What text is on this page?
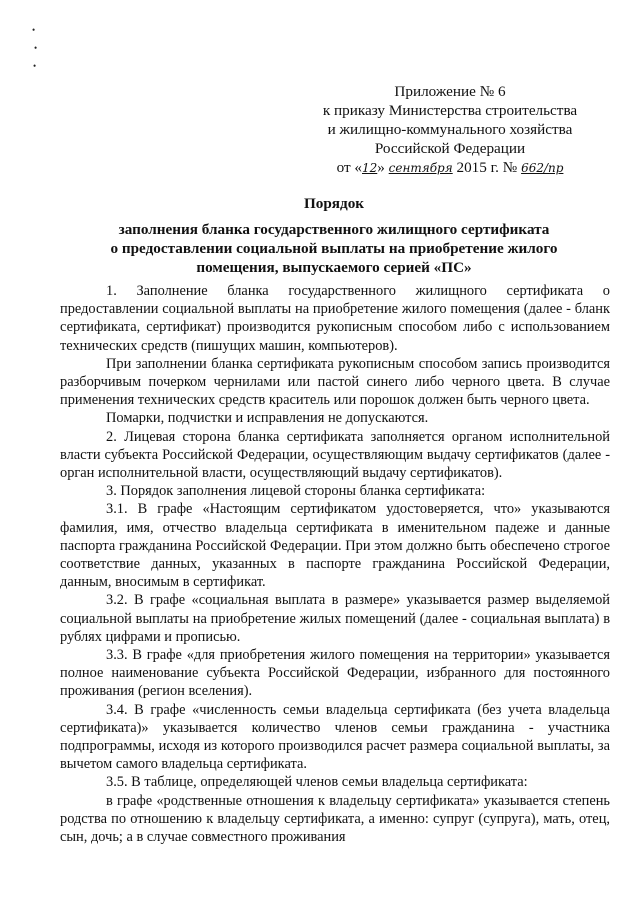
•
•
•
Приложение № 6
к приказу Министерства строительства
и жилищно-коммунального хозяйства
Российской Федерации
от «12» сентября 2015 г. № 662/пр
Порядок
заполнения бланка государственного жилищного сертификата
о предоставлении социальной выплаты на приобретение жилого
помещения, выпускаемого серией «ПС»

1. Заполнение бланка государственного жилищного сертификата о предоставлении социальной выплаты на приобретение жилого помещения (далее - бланк сертификата, сертификат) производится рукописным способом либо с использованием технических средств (пишущих машин, компьютеров).

При заполнении бланка сертификата рукописным способом запись производится разборчивым почерком чернилами или пастой синего либо черного цвета. В случае применения технических средств краситель или порошок должен быть черного цвета.

Помарки, подчистки и исправления не допускаются.

2. Лицевая сторона бланка сертификата заполняется органом исполнительной власти субъекта Российской Федерации, осуществляющим выдачу сертификатов (далее - орган исполнительной власти, осуществляющий выдачу сертификатов).

3. Порядок заполнения лицевой стороны бланка сертификата:

3.1. В графе «Настоящим сертификатом удостоверяется, что» указываются фамилия, имя, отчество владельца сертификата в именительном падеже и данные паспорта гражданина Российской Федерации. При этом должно быть обеспечено строгое соответствие данных, указанных в паспорте гражданина Российской Федерации, данным, вносимым в сертификат.

3.2. В графе «социальная выплата в размере» указывается размер выделяемой социальной выплаты на приобретение жилых помещений (далее - социальная выплата) в рублях цифрами и прописью.

3.3. В графе «для приобретения жилого помещения на территории» указывается полное наименование субъекта Российской Федерации, избранного для постоянного проживания (регион вселения).

3.4. В графе «численность семьи владельца сертификата (без учета владельца сертификата)» указывается количество членов семьи гражданина - участника подпрограммы, исходя из которого производился расчет размера социальной выплаты, за вычетом самого владельца сертификата.

3.5. В таблице, определяющей членов семьи владельца сертификата:

в графе «родственные отношения к владельцу сертификата» указывается степень родства по отношению к владельцу сертификата, а именно: супруг (супруга), мать, отец, сын, дочь; а в случае совместного проживания
